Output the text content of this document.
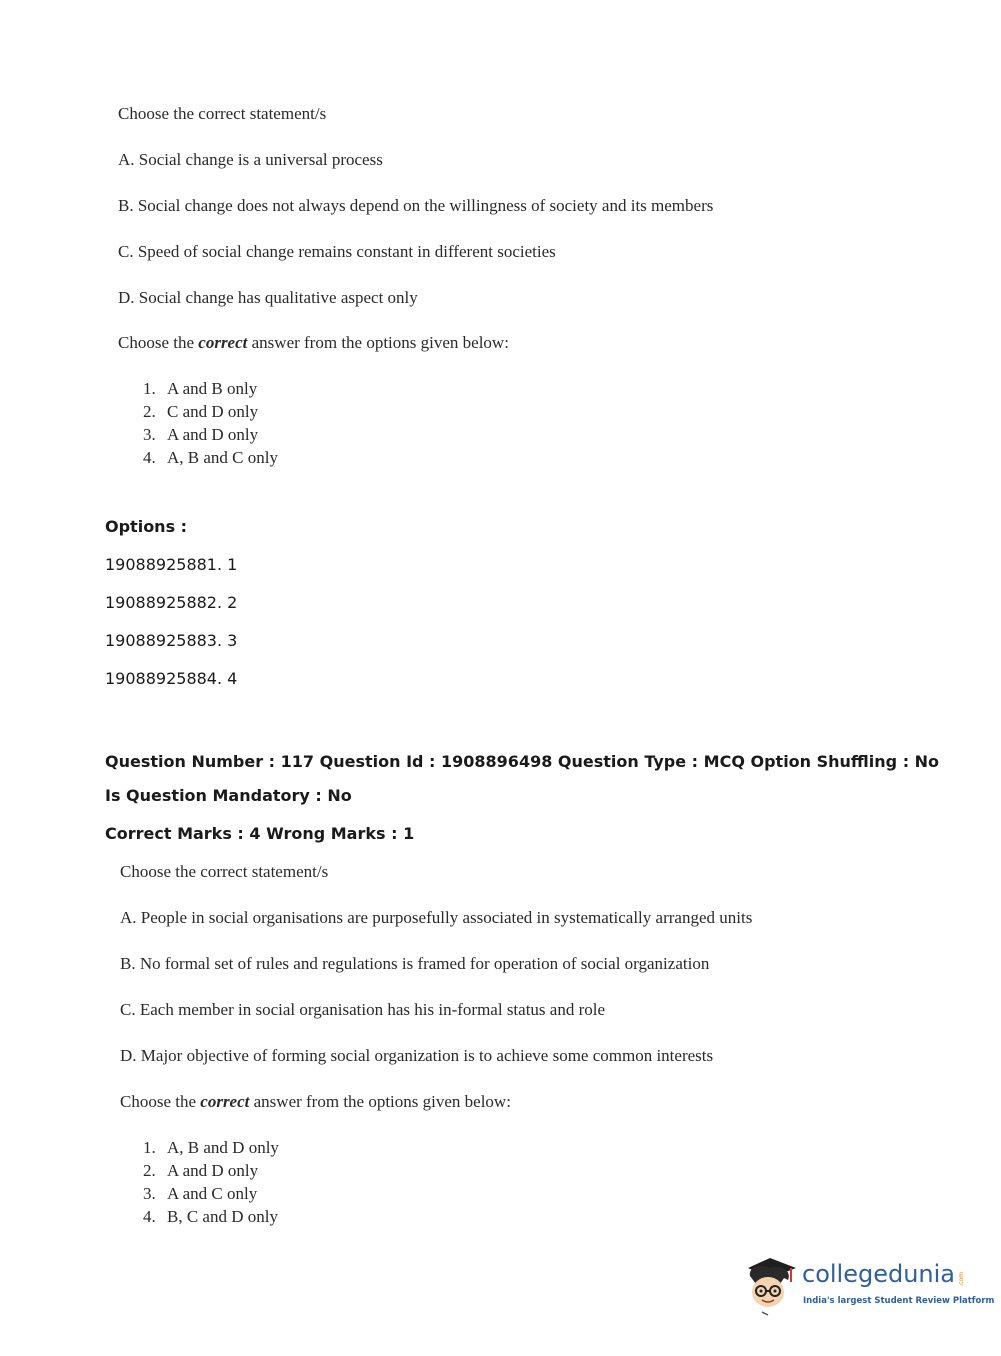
Choose the correct statement/s
A. Social change is a universal process
B. Social change does not always depend on the willingness of society and its members
C. Speed of social change remains constant in different societies
D. Social change has qualitative aspect only
Choose the correct answer from the options given below:
1. A and B only
2. C and D only
3. A and D only
4. A, B and C only
Options :
19088925881. 1
19088925882. 2
19088925883. 3
19088925884. 4
Question Number : 117 Question Id : 1908896498 Question Type : MCQ Option Shuffling : No
Is Question Mandatory : No
Correct Marks : 4 Wrong Marks : 1
Choose the correct statement/s
A. People in social organisations are purposefully associated in systematically arranged units
B. No formal set of rules and regulations is framed for operation of social organization
C. Each member in social organisation has his in-formal status and role
D. Major objective of forming social organization is to achieve some common interests
Choose the correct answer from the options given below:
1. A, B and D only
2. A and D only
3. A and C only
4. B, C and D only
collegedunia .com
India's largest Student Review Platform
